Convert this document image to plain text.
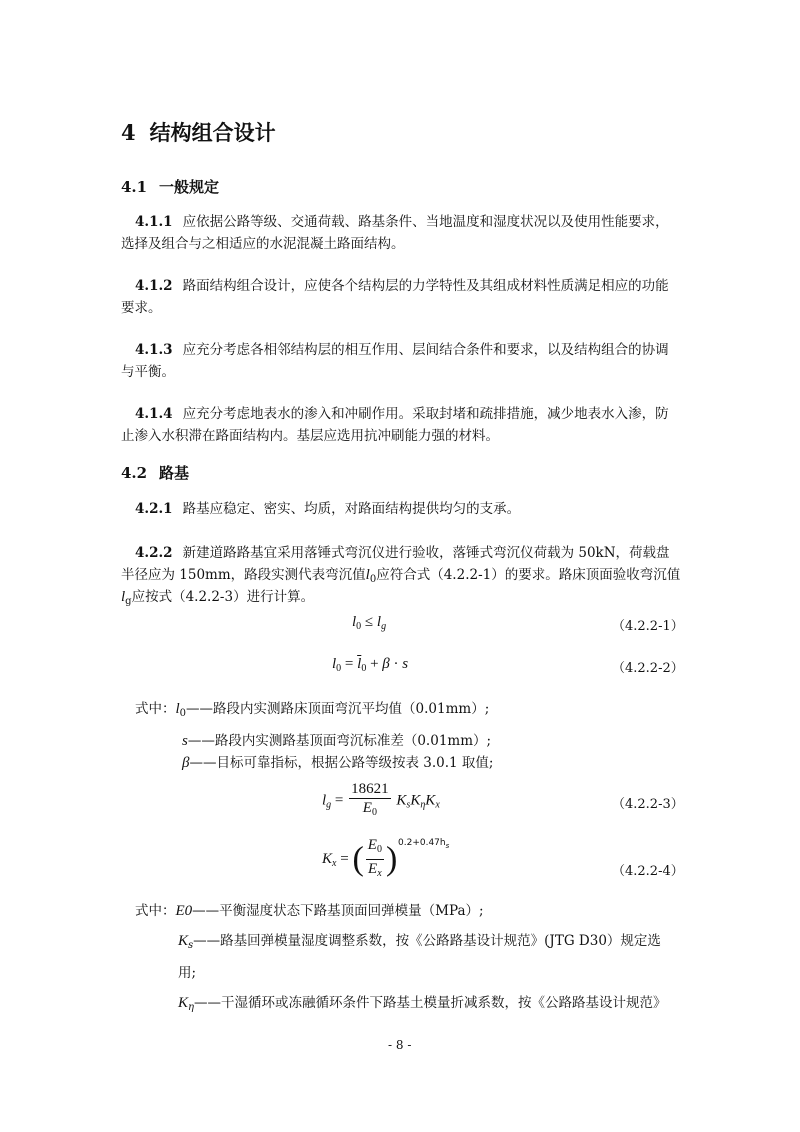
4 结构组合设计
4.1 一般规定
4.1.1 应依据公路等级、交通荷载、路基条件、当地温度和湿度状况以及使用性能要求，
选择及组合与之相适应的水泥混凝土路面结构。
4.1.2 路面结构组合设计，应使各个结构层的力学特性及其组成材料性质满足相应的功能
要求。
4.1.3 应充分考虑各相邻结构层的相互作用、层间结合条件和要求，以及结构组合的协调
与平衡。
4.1.4 应充分考虑地表水的渗入和冲刷作用。采取封堵和疏排措施，减少地表水入渗，防
止渗入水积滞在路面结构内。基层应选用抗冲刷能力强的材料。
4.2 路基
4.2.1 路基应稳定、密实、均质，对路面结构提供均匀的支承。
4.2.2 新建道路路基宜采用落锤式弯沉仪进行验收，落锤式弯沉仪荷载为 50kN，荷载盘
半径应为 150mm，路段实测代表弯沉值$l_0$应符合式（4.2.2-1）的要求。路床顶面验收弯沉值
$l_g$应按式（4.2.2-3）进行计算。
$l_0 \le l_g$	（4.2.2-1）
$l_0 = \overline{l}_0 + \beta \cdot s$	（4.2.2-2）
式中：$l_0——$路段内实测路床顶面弯沉平均值（0.01mm）;
s——路段内实测路基顶面弯沉标准差（0.01mm）;
β——目标可靠指标，根据公路等级按表 3.0.1 取值;
$l_g = \frac{18621}{E_0} K_sK_\eta K_x$	（4.2.2-3）
$K_x$ = ( $\frac{E_0}{E_x}$ ) $0.2+0.47h_s$
（4.2.2-4）
式中：E0——平衡湿度状态下路基顶面回弹模量（MPa）;
$K_s——$路基回弹模量湿度调整系数，按《公路路基设计规范》(JTG D30）规定选
用;
$K_\eta——$干湿循环或冻融循环条件下路基土模量折减系数，按《公路路基设计规范》
- 8 -
